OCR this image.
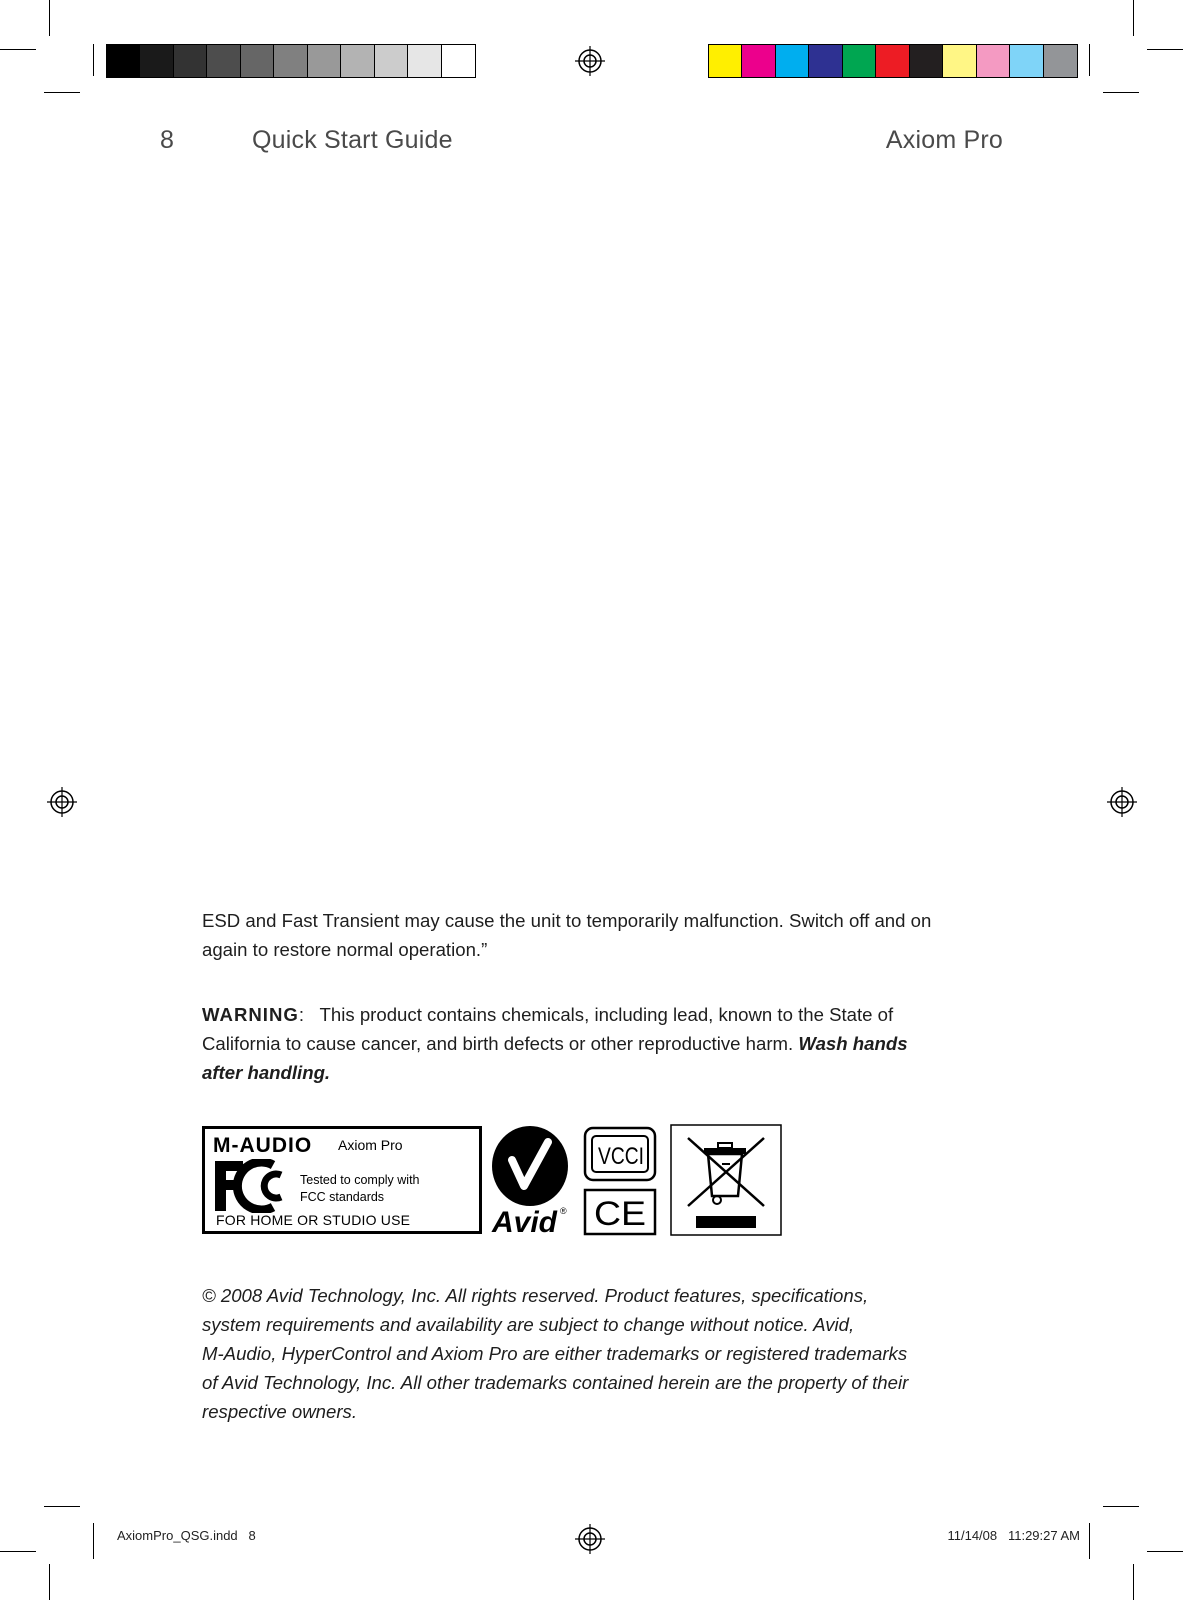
8	Quick Start Guide	Axiom Pro
ESD and Fast Transient may cause the unit to temporarily malfunction. Switch off and on
again to restore normal operation.”
WARNING: This product contains chemicals, including lead, known to the State of
California to cause cancer, and birth defects or other reproductive harm. Wash hands
after handling.
M-AUDIO Axiom Pro
Tested to comply with
FCC standards
FOR HOME OR STUDIO USE	Avid ®
VCCI
CE
© 2008 Avid Technology, Inc. All rights reserved. Product features, specifications,
system requirements and availability are subject to change without notice. Avid,
M-Audio, HyperControl and Axiom Pro are either trademarks or registered trademarks
of Avid Technology, Inc. All other trademarks contained herein are the property of their
respective owners.
AxiomPro_QSG.indd   8	11/14/08   11:29:27 AM
